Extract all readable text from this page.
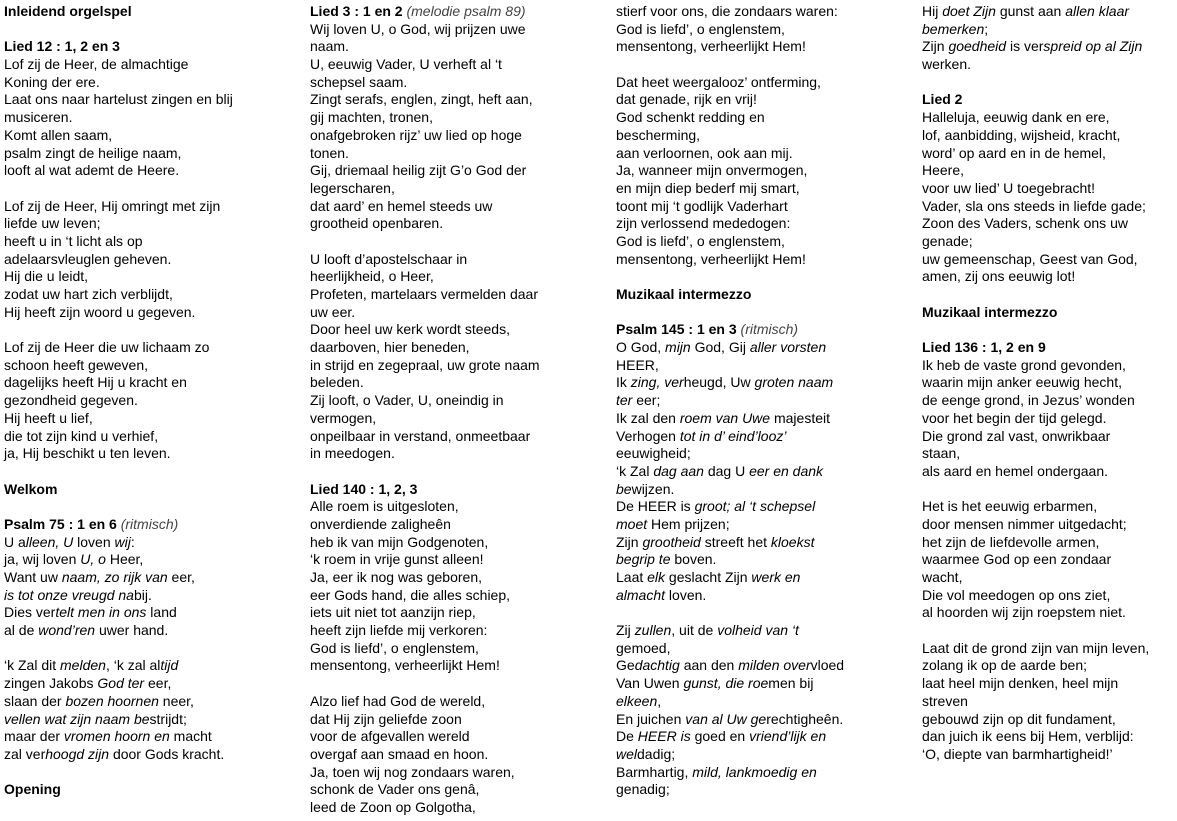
Inleidend orgelspel
Lied 12 : 1, 2 en 3
Lof zij de Heer, de almachtige
Koning der ere.
Laat ons naar hartelust zingen en blij
musiceren.
Komt allen saam,
psalm zingt de heilige naam,
looft al wat ademt de Heere.
Lof zij de Heer, Hij omringt met zijn
liefde uw leven;
heeft u in ‘t licht als op
adelaarsvleuglen geheven.
Hij die u leidt,
zodat uw hart zich verblijdt,
Hij heeft zijn woord u gegeven.
Lof zij de Heer die uw lichaam zo
schoon heeft geweven,
dagelijks heeft Hij u kracht en
gezondheid gegeven.
Hij heeft u lief,
die tot zijn kind u verhief,
ja, Hij beschikt u ten leven.
Welkom
Psalm 75 : 1 en 6 (ritmisch)
U alleen, U loven wij:
ja, wij loven U, o Heer,
Want uw naam, zo rijk van eer,
is tot onze vreugd nabij.
Dies vertelt men in ons land
al de wond’ren uwer hand.
‘k Zal dit melden, ‘k zal altijd
zingen Jakobs God ter eer,
slaan der bozen hoornen neer,
vellen wat zijn naam bestrijdt;
maar der vromen hoorn en macht
zal verhoogd zijn door Gods kracht.
Opening
Lied 3 : 1 en 2 (melodie psalm 89)
Wij loven U, o God, wij prijzen uwe
naam.
U, eeuwig Vader, U verheft al ‘t
schepsel saam.
Zingt serafs, englen, zingt, heft aan,
gij machten, tronen,
onafgebroken rijz’ uw lied op hoge
tonen.
Gij, driemaal heilig zijt G’o God der
legerscharen,
dat aard’ en hemel steeds uw
grootheid openbaren.
U looft d’apostelschaar in
heerlijkheid, o Heer,
Profeten, martelaars vermelden daar
uw eer.
Door heel uw kerk wordt steeds,
daarboven, hier beneden,
in strijd en zegepraal, uw grote naam
beleden.
Zij looft, o Vader, U, oneindig in
vermogen,
onpeilbaar in verstand, onmeetbaar
in meedogen.
Lied 140 : 1, 2, 3
Alle roem is uitgesloten,
onverdiende zaligheên
heb ik van mijn Godgenoten,
‘k roem in vrije gunst alleen!
Ja, eer ik nog was geboren,
eer Gods hand, die alles schiep,
iets uit niet tot aanzijn riep,
heeft zijn liefde mij verkoren:
God is liefd’, o englenstem,
mensentong, verheerlijkt Hem!
Alzo lief had God de wereld,
dat Hij zijn geliefde zoon
voor de afgevallen wereld
overgaf aan smaad en hoon.
Ja, toen wij nog zondaars waren,
schonk de Vader ons genâ,
leed de Zoon op Golgotha,
stierf voor ons, die zondaars waren:
God is liefd’, o englenstem,
mensentong, verheerlijkt Hem!
Dat heet weergalooz’ ontferming,
dat genade, rijk en vrij!
God schenkt redding en
bescherming,
aan verloornen, ook aan mij.
Ja, wanneer mijn onvermogen,
en mijn diep bederf mij smart,
toont mij ‘t godlijk Vaderhart
zijn verlossend mededogen:
God is liefd’, o englenstem,
mensentong, verheerlijkt Hem!
Muzikaal intermezzo
Psalm 145 : 1 en 3 (ritmisch)
O God, mijn God, Gij aller vorsten
HEER,
Ik zing, verheugd, Uw groten naam
ter eer;
Ik zal den roem van Uwe majesteit
Verhogen tot in d’ eind’looz’
eeuwigheid;
‘k Zal dag aan dag U eer en dank
bewijzen.
De HEER is groot; al ‘t schepsel
moet Hem prijzen;
Zijn grootheid streeft het kloekst
begrip te boven.
Laat elk geslacht Zijn werk en
almacht loven.
Zij zullen, uit de volheid van ‘t
gemoed,
Gedachtig aan den milden overvloed
Van Uwen gunst, die roemen bij
elkeen,
En juichen van al Uw gerechtigheên.
De HEER is goed en vriend’lijk en
weldadig;
Barmhartig, mild, lankmoedig en
genadig;
Hij doet Zijn gunst aan allen klaar
bemerken;
Zijn goedheid is verspreid op al Zijn
werken.
Lied 2
Halleluja, eeuwig dank en ere,
lof, aanbidding, wijsheid, kracht,
word’ op aard en in de hemel,
Heere,
voor uw lied’ U toegebracht!
Vader, sla ons steeds in liefde gade;
Zoon des Vaders, schenk ons uw
genade;
uw gemeenschap, Geest van God,
amen, zij ons eeuwig lot!
Muzikaal intermezzo
Lied 136 : 1, 2 en 9
Ik heb de vaste grond gevonden,
waarin mijn anker eeuwig hecht,
de eenge grond, in Jezus’ wonden
voor het begin der tijd gelegd.
Die grond zal vast, onwrikbaar
staan,
als aard en hemel ondergaan.
Het is het eeuwig erbarmen,
door mensen nimmer uitgedacht;
het zijn de liefdevolle armen,
waarmee God op een zondaar
wacht,
Die vol meedogen op ons ziet,
al hoorden wij zijn roepstem niet.
Laat dit de grond zijn van mijn leven,
zolang ik op de aarde ben;
laat heel mijn denken, heel mijn
streven
gebouwd zijn op dit fundament,
dan juich ik eens bij Hem, verblijd:
‘O, diepte van barmhartigheid!’
